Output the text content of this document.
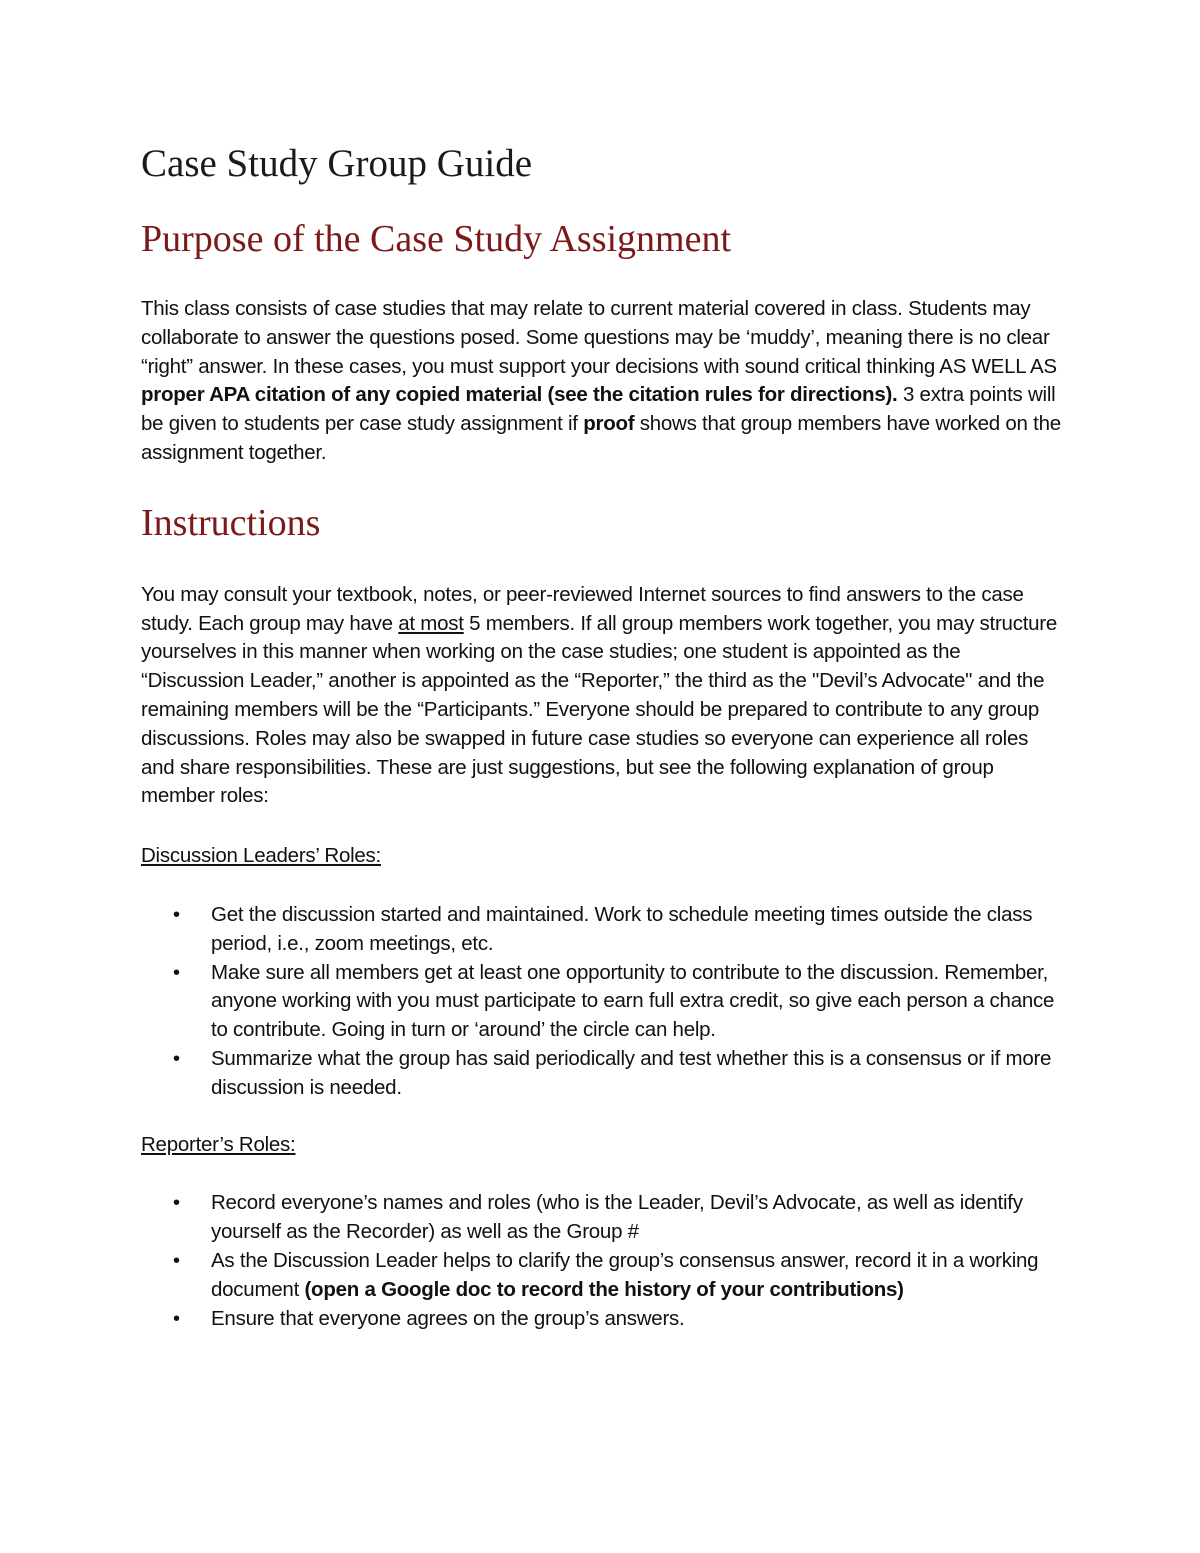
Case Study Group Guide
Purpose of the Case Study Assignment

This class consists of case studies that may relate to current material covered in class. Students may collaborate to answer the questions posed. Some questions may be ‘muddy’, meaning there is no clear “right” answer. In these cases, you must support your decisions with sound critical thinking AS WELL AS proper APA citation of any copied material (see the citation rules for directions). 3 extra points will be given to students per case study assignment if proof shows that group members have worked on the assignment together.

Instructions

You may consult your textbook, notes, or peer-reviewed Internet sources to find answers to the case study. Each group may have at most 5 members. If all group members work together, you may structure yourselves in this manner when working on the case studies; one student is appointed as the “Discussion Leader,” another is appointed as the “Reporter,” the third as the "Devil’s Advocate" and the remaining members will be the “Participants.” Everyone should be prepared to contribute to any group discussions. Roles may also be swapped in future case studies so everyone can experience all roles and share responsibilities. These are just suggestions, but see the following explanation of group member roles:

Discussion Leaders’ Roles:

• Get the discussion started and maintained. Work to schedule meeting times outside the class period, i.e., zoom meetings, etc.
• Make sure all members get at least one opportunity to contribute to the discussion. Remember, anyone working with you must participate to earn full extra credit, so give each person a chance to contribute. Going in turn or ‘around’ the circle can help.
• Summarize what the group has said periodically and test whether this is a consensus or if more discussion is needed.

Reporter’s Roles:

• Record everyone’s names and roles (who is the Leader, Devil’s Advocate, as well as identify yourself as the Recorder) as well as the Group #
• As the Discussion Leader helps to clarify the group’s consensus answer, record it in a working document (open a Google doc to record the history of your contributions)
• Ensure that everyone agrees on the group’s answers.
